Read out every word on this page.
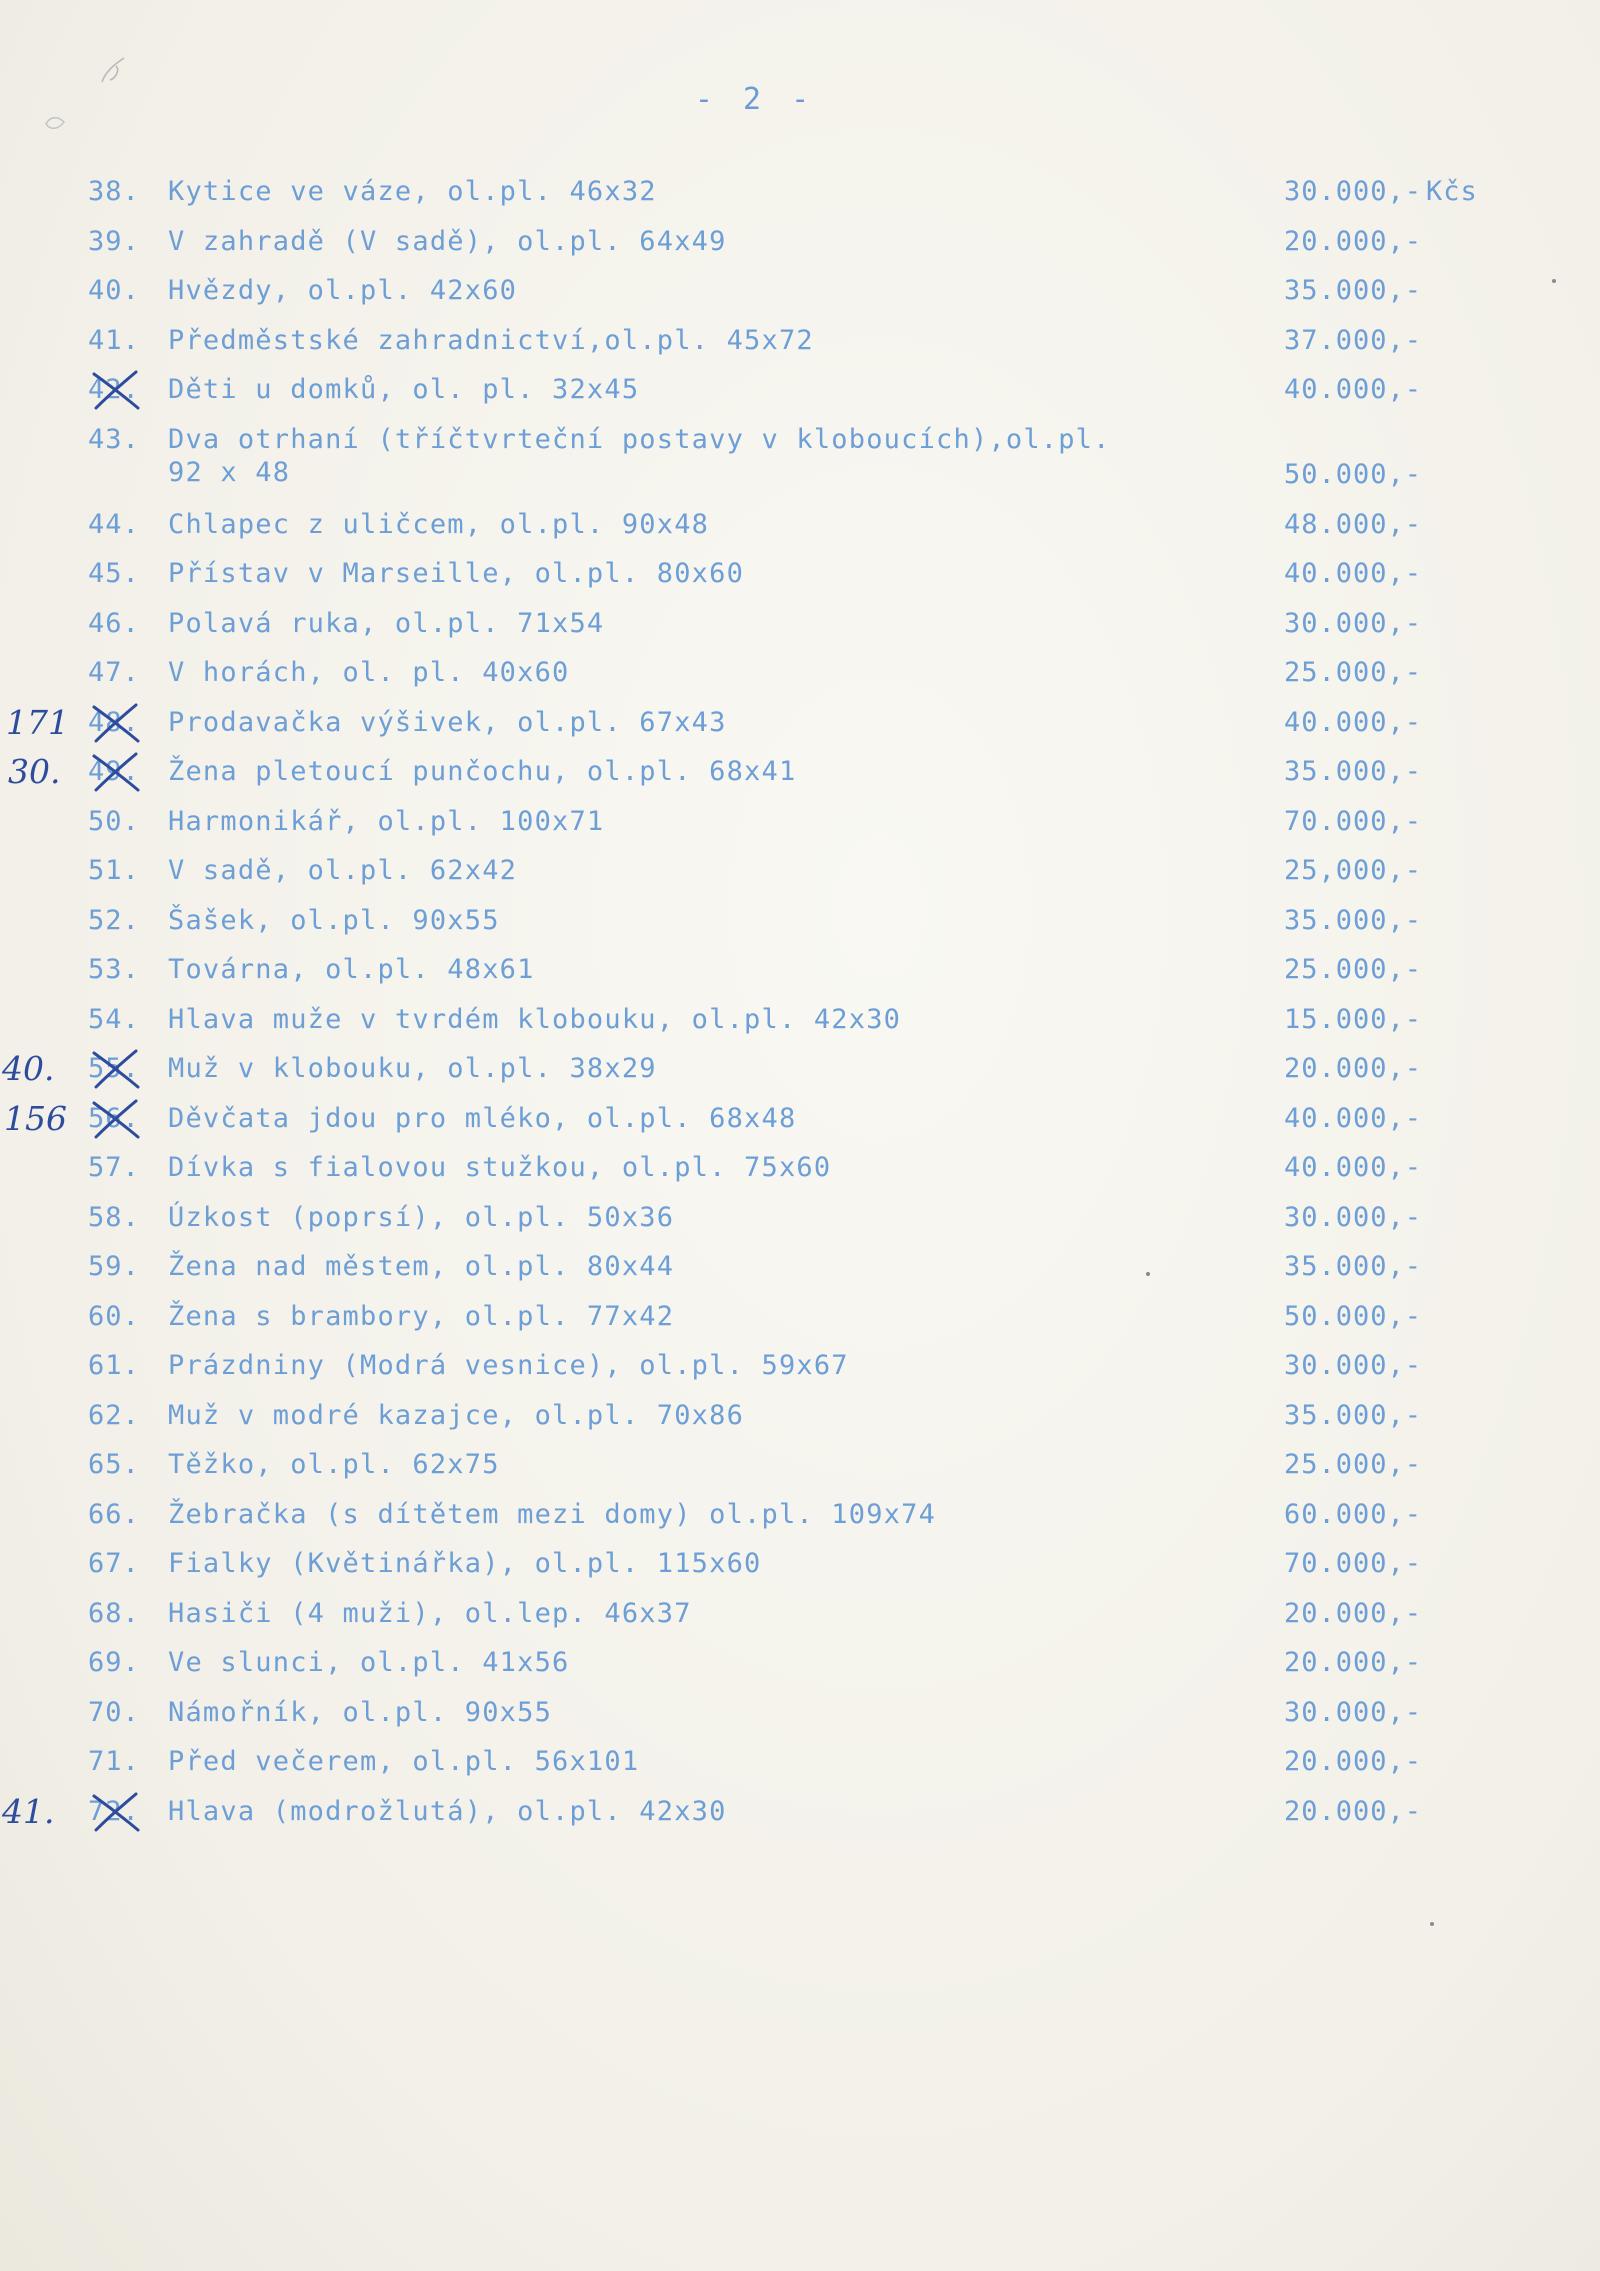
- 2 -
38. Kytice ve váze, ol.pl. 46x32	30.000,- Kčs
39. V zahradě (V sadě), ol.pl. 64x49	20.000,-
40. Hvězdy, ol.pl. 42x60	35.000,-
41. Předměstské zahradnictví,ol.pl. 45x72	37.000,-
42. Děti u domků, ol. pl. 32x45	40.000,-
43. Dva otrhaní (tříčtvrteční postavy v kloboucích),ol.pl.
92 x 48	50.000,-
44. Chlapec z uličcem, ol.pl. 90x48	48.000,-
45. Přístav v Marseille, ol.pl. 80x60	40.000,-
46. Polavá ruka, ol.pl. 71x54	30.000,-
47. V horách, ol. pl. 40x60	25.000,-
48. Prodavačka výšivek, ol.pl. 67x43	40.000,-
171
49. Žena pletoucí punčochu, ol.pl. 68x41	35.000,-
30.
50. Harmonikář, ol.pl. 100x71	70.000,-
51. V sadě, ol.pl. 62x42	25,000,-
52. Šašek, ol.pl. 90x55	35.000,-
53. Továrna, ol.pl. 48x61	25.000,-
54. Hlava muže v tvrdém klobouku, ol.pl. 42x30	15.000,-
55. Muž v klobouku, ol.pl. 38x29	20.000,-
40.
56. Děvčata jdou pro mléko, ol.pl. 68x48	40.000,-
156
57. Dívka s fialovou stužkou, ol.pl. 75x60	40.000,-
58. Úzkost (poprsí), ol.pl. 50x36	30.000,-
59. Žena nad městem, ol.pl. 80x44	35.000,-
60. Žena s brambory, ol.pl. 77x42	50.000,-
61. Prázdniny (Modrá vesnice), ol.pl. 59x67	30.000,-
62. Muž v modré kazajce, ol.pl. 70x86	35.000,-
65. Těžko, ol.pl. 62x75	25.000,-
66. Žebračka (s dítětem mezi domy) ol.pl. 109x74	60.000,-
67. Fialky (Květinářka), ol.pl. 115x60	70.000,-
68. Hasiči (4 muži), ol.lep. 46x37	20.000,-
69. Ve slunci, ol.pl. 41x56	20.000,-
70. Námořník, ol.pl. 90x55	30.000,-
71. Před večerem, ol.pl. 56x101	20.000,-
72. Hlava (modrožlutá), ol.pl. 42x30	20.000,-
41.
